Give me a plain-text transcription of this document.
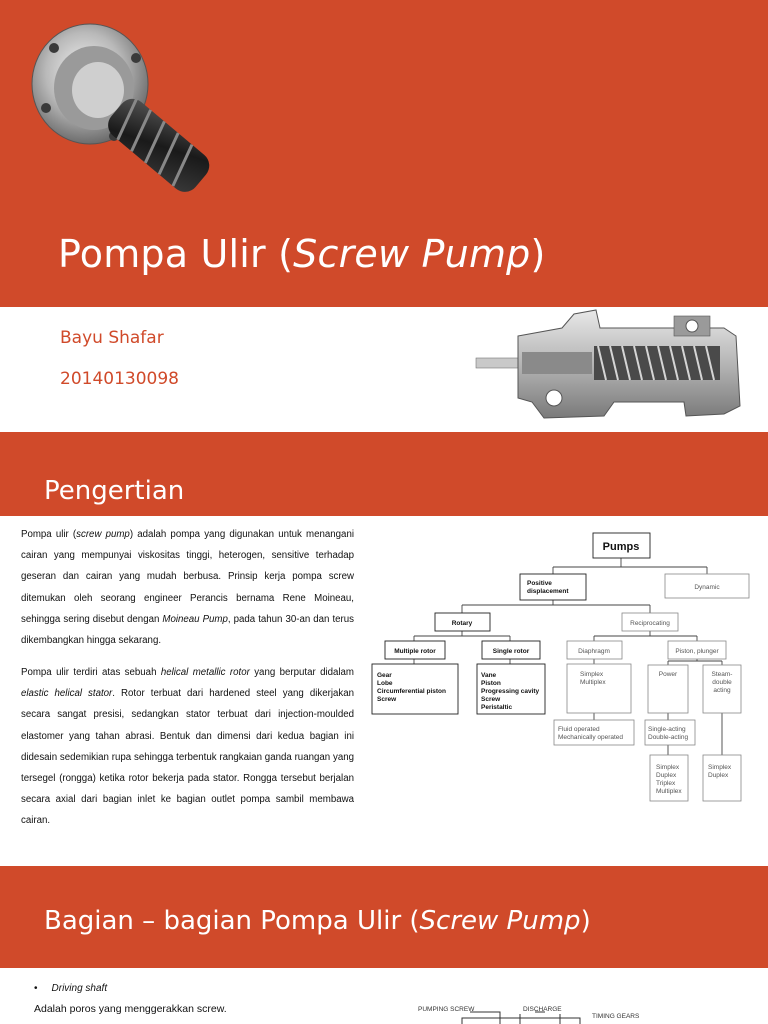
Pompa Ulir (Screw Pump)
Bayu Shafar
20140130098
Pengertian
Pompa ulir (screw pump) adalah pompa yang digunakan untuk menangani cairan yang mempunyai viskositas tinggi, heterogen, sensitive terhadap geseran dan cairan yang mudah berbusa. Prinsip kerja pompa screw ditemukan oleh seorang engineer Perancis bernama Rene Moineau, sehingga sering disebut dengan Moineau Pump, pada tahun 30-an dan terus dikembangkan hingga sekarang.
Pompa ulir terdiri atas sebuah helical metallic rotor yang berputar didalam elastic helical stator. Rotor terbuat dari hardened steel yang dikerjakan secara sangat presisi, sedangkan stator terbuat dari injection-moulded elastomer yang tahan abrasi. Bentuk dan dimensi dari kedua bagian ini didesain sedemikian rupa sehingga terbentuk rangkaian ganda ruangan yang tersegel (rongga) ketika rotor bekerja pada stator. Rongga tersebut berjalan secara axial dari bagian inlet ke bagian outlet pompa sambil membawa cairan.
Pumps
Positive
displacement
Dynamic
Rotary	Reciprocating
Multiple rotor	Single rotor	Diaphragm	Piston, plunger
Gear
Lobe
Circumferential piston
Screw
Vane
Piston
Progressing cavity
Screw
Peristaltic
Simplex
Multiplex
Power	Steam-
double
acting
Fluid operated
Mechanically operated
Single-acting
Double-acting
Simplex
Duplex
Triplex
Multiplex
Simplex
Duplex
Bagian – bagian Pompa Ulir (Screw Pump)
• Driving shaft
Adalah poros yang menggerakkan screw.	PUMPING SCREW	DISCHARGE
TIMING GEARS
